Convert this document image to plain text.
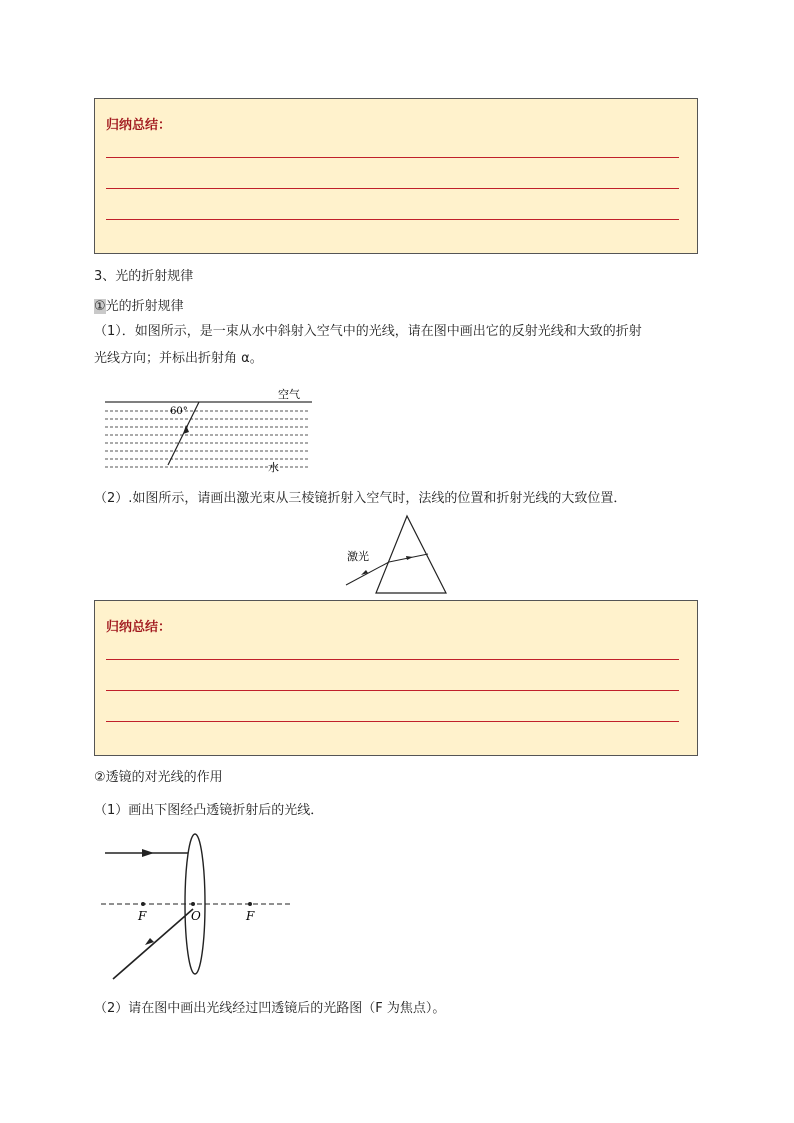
归纳总结：
3、光的折射规律
①光的折射规律
（1）．如图所示，是一束从水中斜射入空气中的光线，请在图中画出它的反射光线和大致的折射
光线方向；并标出折射角 α。
空气
60°
水
（2）.如图所示，请画出激光束从三棱镜折射入空气时，法线的位置和折射光线的大致位置．
激光
归纳总结：
②透镜的对光线的作用
（1）画出下图经凸透镜折射后的光线．
F	O	F
（2）请在图中画出光线经过凹透镜后的光路图（F 为焦点）。
